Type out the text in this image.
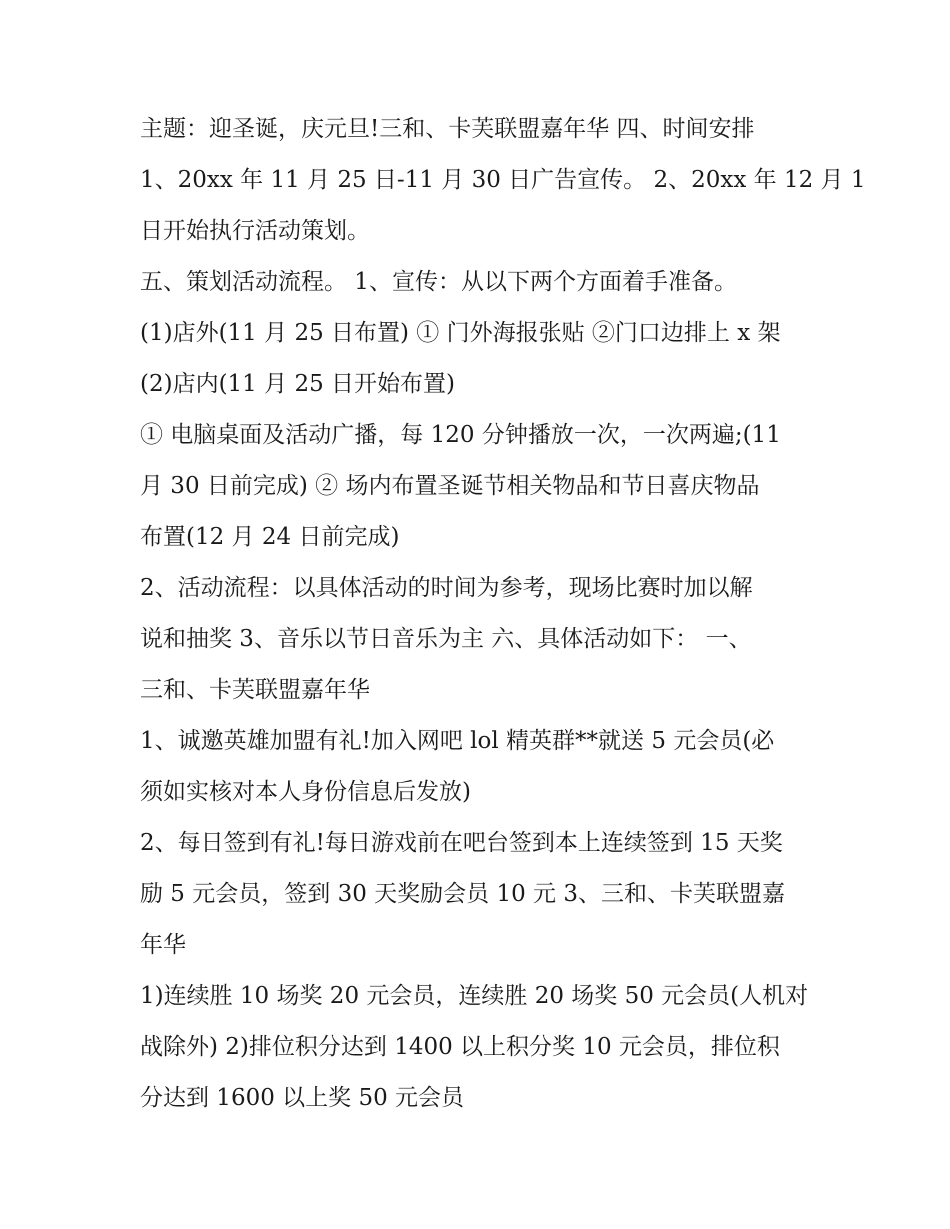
主题：迎圣诞，庆元旦!三和、卡芙联盟嘉年华 四、时间安排
1、20xx 年 11 月 25 日-11 月 30 日广告宣传。 2、20xx 年 12 月 1
日开始执行活动策划。
五、策划活动流程。 1、宣传：从以下两个方面着手准备。
(1)店外(11 月 25 日布置) ① 门外海报张贴 ②门口边排上 x 架
(2)店内(11 月 25 日开始布置)
① 电脑桌面及活动广播，每 120 分钟播放一次，一次两遍;(11
月 30 日前完成) ② 场内布置圣诞节相关物品和节日喜庆物品
布置(12 月 24 日前完成)
2、活动流程：以具体活动的时间为参考，现场比赛时加以解
说和抽奖 3、音乐以节日音乐为主 六、具体活动如下： 一、
三和、卡芙联盟嘉年华
1、诚邀英雄加盟有礼!加入网吧 lol 精英群**就送 5 元会员(必
须如实核对本人身份信息后发放)
2、每日签到有礼!每日游戏前在吧台签到本上连续签到 15 天奖
励 5 元会员，签到 30 天奖励会员 10 元 3、三和、卡芙联盟嘉
年华
1)连续胜 10 场奖 20 元会员，连续胜 20 场奖 50 元会员(人机对
战除外) 2)排位积分达到 1400 以上积分奖 10 元会员，排位积
分达到 1600 以上奖 50 元会员
